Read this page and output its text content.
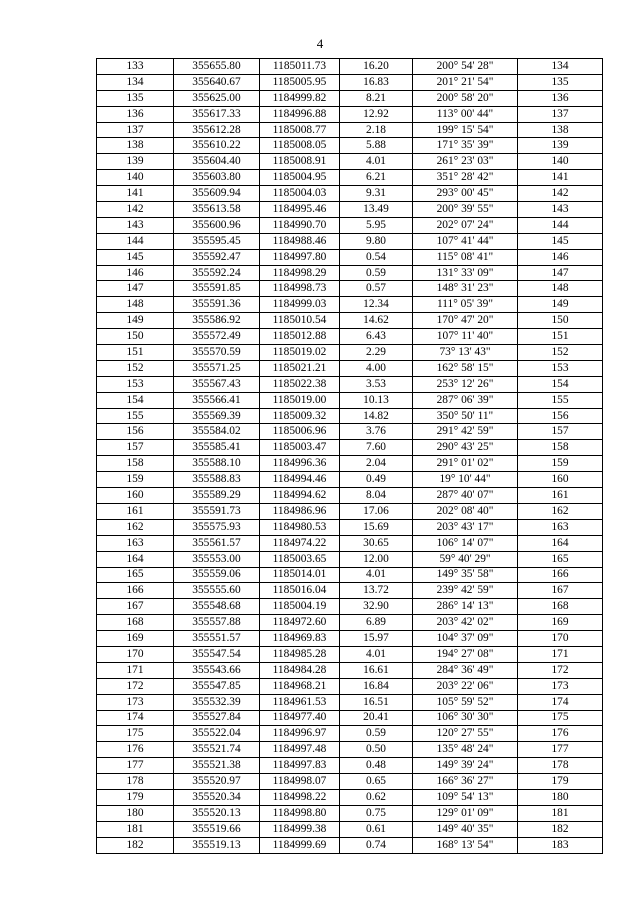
4
133	355655.80	1185011.73	16.20	200° 54' 28"	134
134	355640.67	1185005.95	16.83	201° 21' 54"	135
135	355625.00	1184999.82	8.21	200° 58' 20"	136
136	355617.33	1184996.88	12.92	113° 00' 44"	137
137	355612.28	1185008.77	2.18	199° 15' 54"	138
138	355610.22	1185008.05	5.88	171° 35' 39"	139
139	355604.40	1185008.91	4.01	261° 23' 03"	140
140	355603.80	1185004.95	6.21	351° 28' 42"	141
141	355609.94	1185004.03	9.31	293° 00' 45"	142
142	355613.58	1184995.46	13.49	200° 39' 55"	143
143	355600.96	1184990.70	5.95	202° 07' 24"	144
144	355595.45	1184988.46	9.80	107° 41' 44"	145
145	355592.47	1184997.80	0.54	115° 08' 41"	146
146	355592.24	1184998.29	0.59	131° 33' 09"	147
147	355591.85	1184998.73	0.57	148° 31' 23"	148
148	355591.36	1184999.03	12.34	111° 05' 39"	149
149	355586.92	1185010.54	14.62	170° 47' 20"	150
150	355572.49	1185012.88	6.43	107° 11' 40"	151
151	355570.59	1185019.02	2.29	73° 13' 43"	152
152	355571.25	1185021.21	4.00	162° 58' 15"	153
153	355567.43	1185022.38	3.53	253° 12' 26"	154
154	355566.41	1185019.00	10.13	287° 06' 39"	155
155	355569.39	1185009.32	14.82	350° 50' 11"	156
156	355584.02	1185006.96	3.76	291° 42' 59"	157
157	355585.41	1185003.47	7.60	290° 43' 25"	158
158	355588.10	1184996.36	2.04	291° 01' 02"	159
159	355588.83	1184994.46	0.49	19° 10' 44"	160
160	355589.29	1184994.62	8.04	287° 40' 07"	161
161	355591.73	1184986.96	17.06	202° 08' 40"	162
162	355575.93	1184980.53	15.69	203° 43' 17"	163
163	355561.57	1184974.22	30.65	106° 14' 07"	164
164	355553.00	1185003.65	12.00	59° 40' 29"	165
165	355559.06	1185014.01	4.01	149° 35' 58"	166
166	355555.60	1185016.04	13.72	239° 42' 59"	167
167	355548.68	1185004.19	32.90	286° 14' 13"	168
168	355557.88	1184972.60	6.89	203° 42' 02"	169
169	355551.57	1184969.83	15.97	104° 37' 09"	170
170	355547.54	1184985.28	4.01	194° 27' 08"	171
171	355543.66	1184984.28	16.61	284° 36' 49"	172
172	355547.85	1184968.21	16.84	203° 22' 06"	173
173	355532.39	1184961.53	16.51	105° 59' 52"	174
174	355527.84	1184977.40	20.41	106° 30' 30"	175
175	355522.04	1184996.97	0.59	120° 27' 55"	176
176	355521.74	1184997.48	0.50	135° 48' 24"	177
177	355521.38	1184997.83	0.48	149° 39' 24"	178
178	355520.97	1184998.07	0.65	166° 36' 27"	179
179	355520.34	1184998.22	0.62	109° 54' 13"	180
180	355520.13	1184998.80	0.75	129° 01' 09"	181
181	355519.66	1184999.38	0.61	149° 40' 35"	182
182	355519.13	1184999.69	0.74	168° 13' 54"	183
